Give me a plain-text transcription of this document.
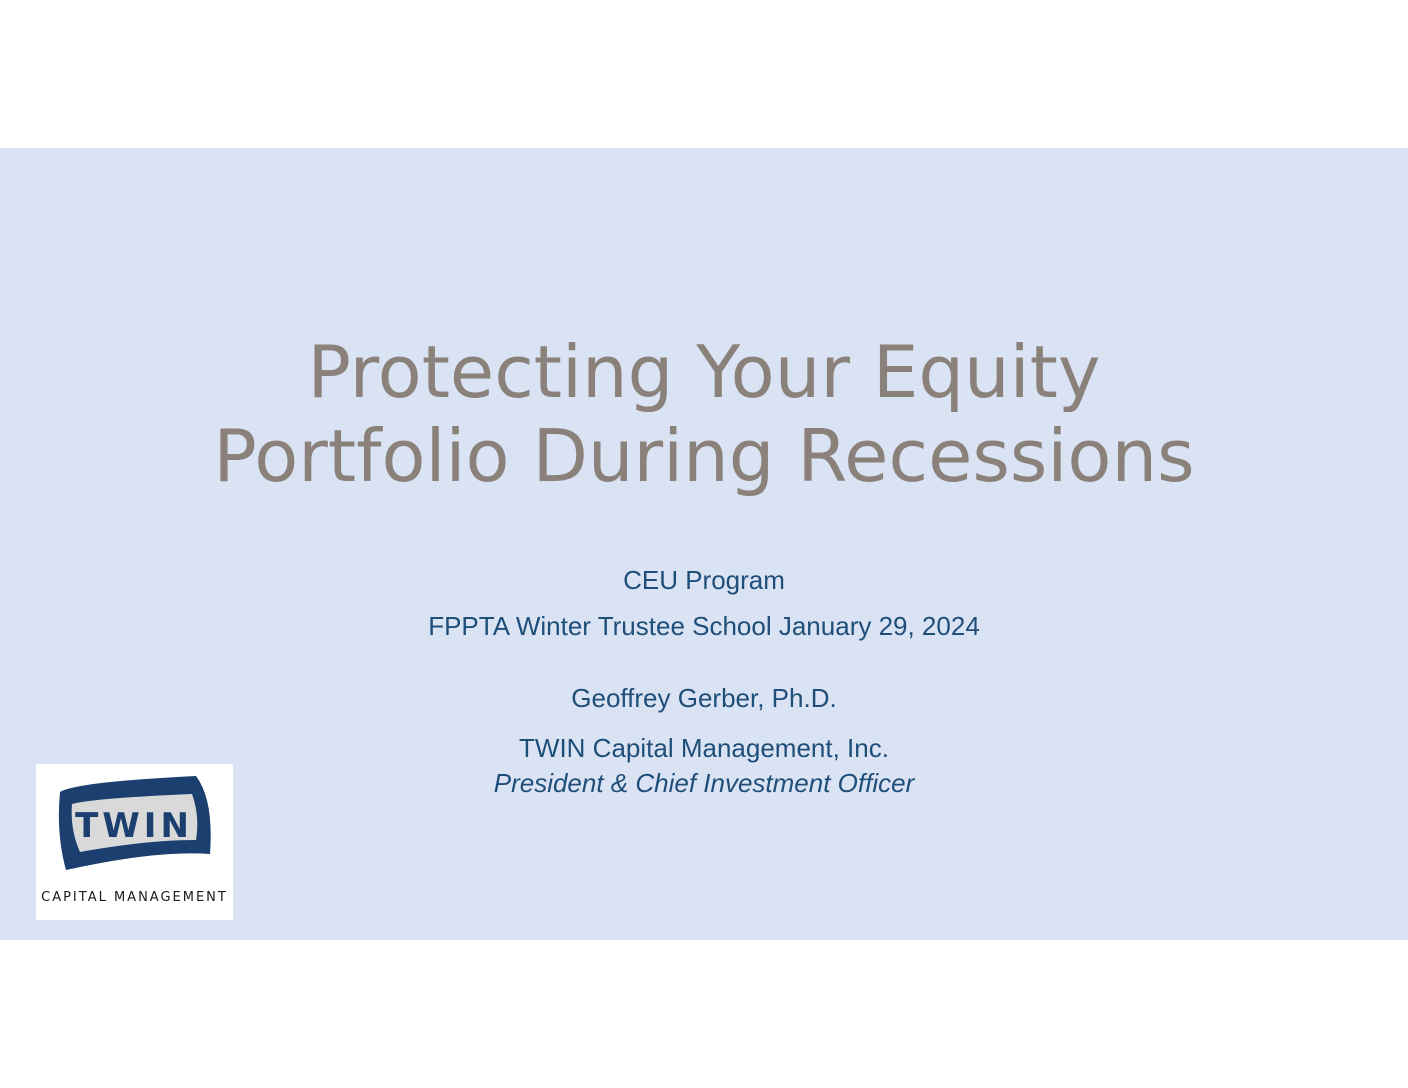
Protecting Your Equity
Portfolio During Recessions
CEU Program
FPPTA Winter Trustee School January 29, 2024
Geoffrey Gerber, Ph.D.
TWIN Capital Management, Inc.
President & Chief Investment Officer
TWIN
CAPITAL MANAGEMENT
